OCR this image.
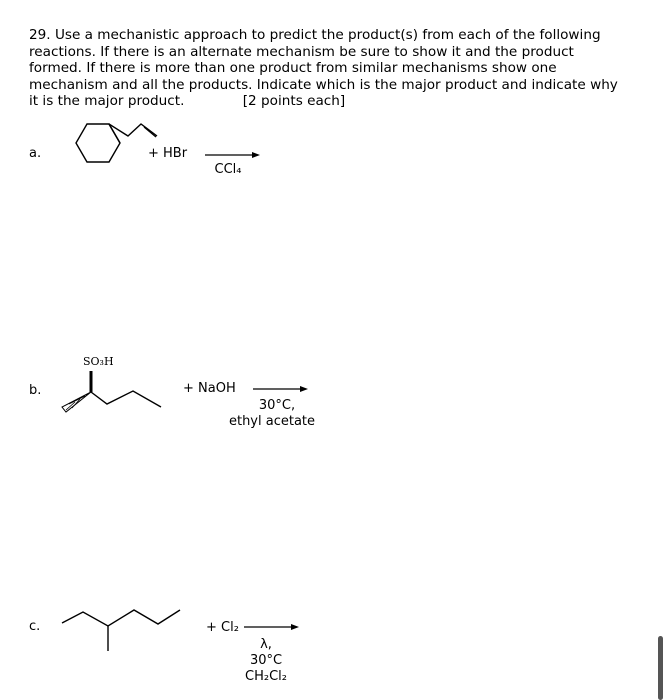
29. Use a mechanistic approach to predict the product(s) from each of the following reactions. If there is an alternate mechanism be sure to show it and the product formed. If there is more than one product from similar mechanisms show one mechanism and all the products. Indicate which is the major product and indicate why it is the major product.	[2 points each]
a.	+ HBr
CCl₄
b.
SO₃H
+ NaOH
30°C,
ethyl acetate
c.	+ Cl₂
λ,
30°C
CH₂Cl₂
